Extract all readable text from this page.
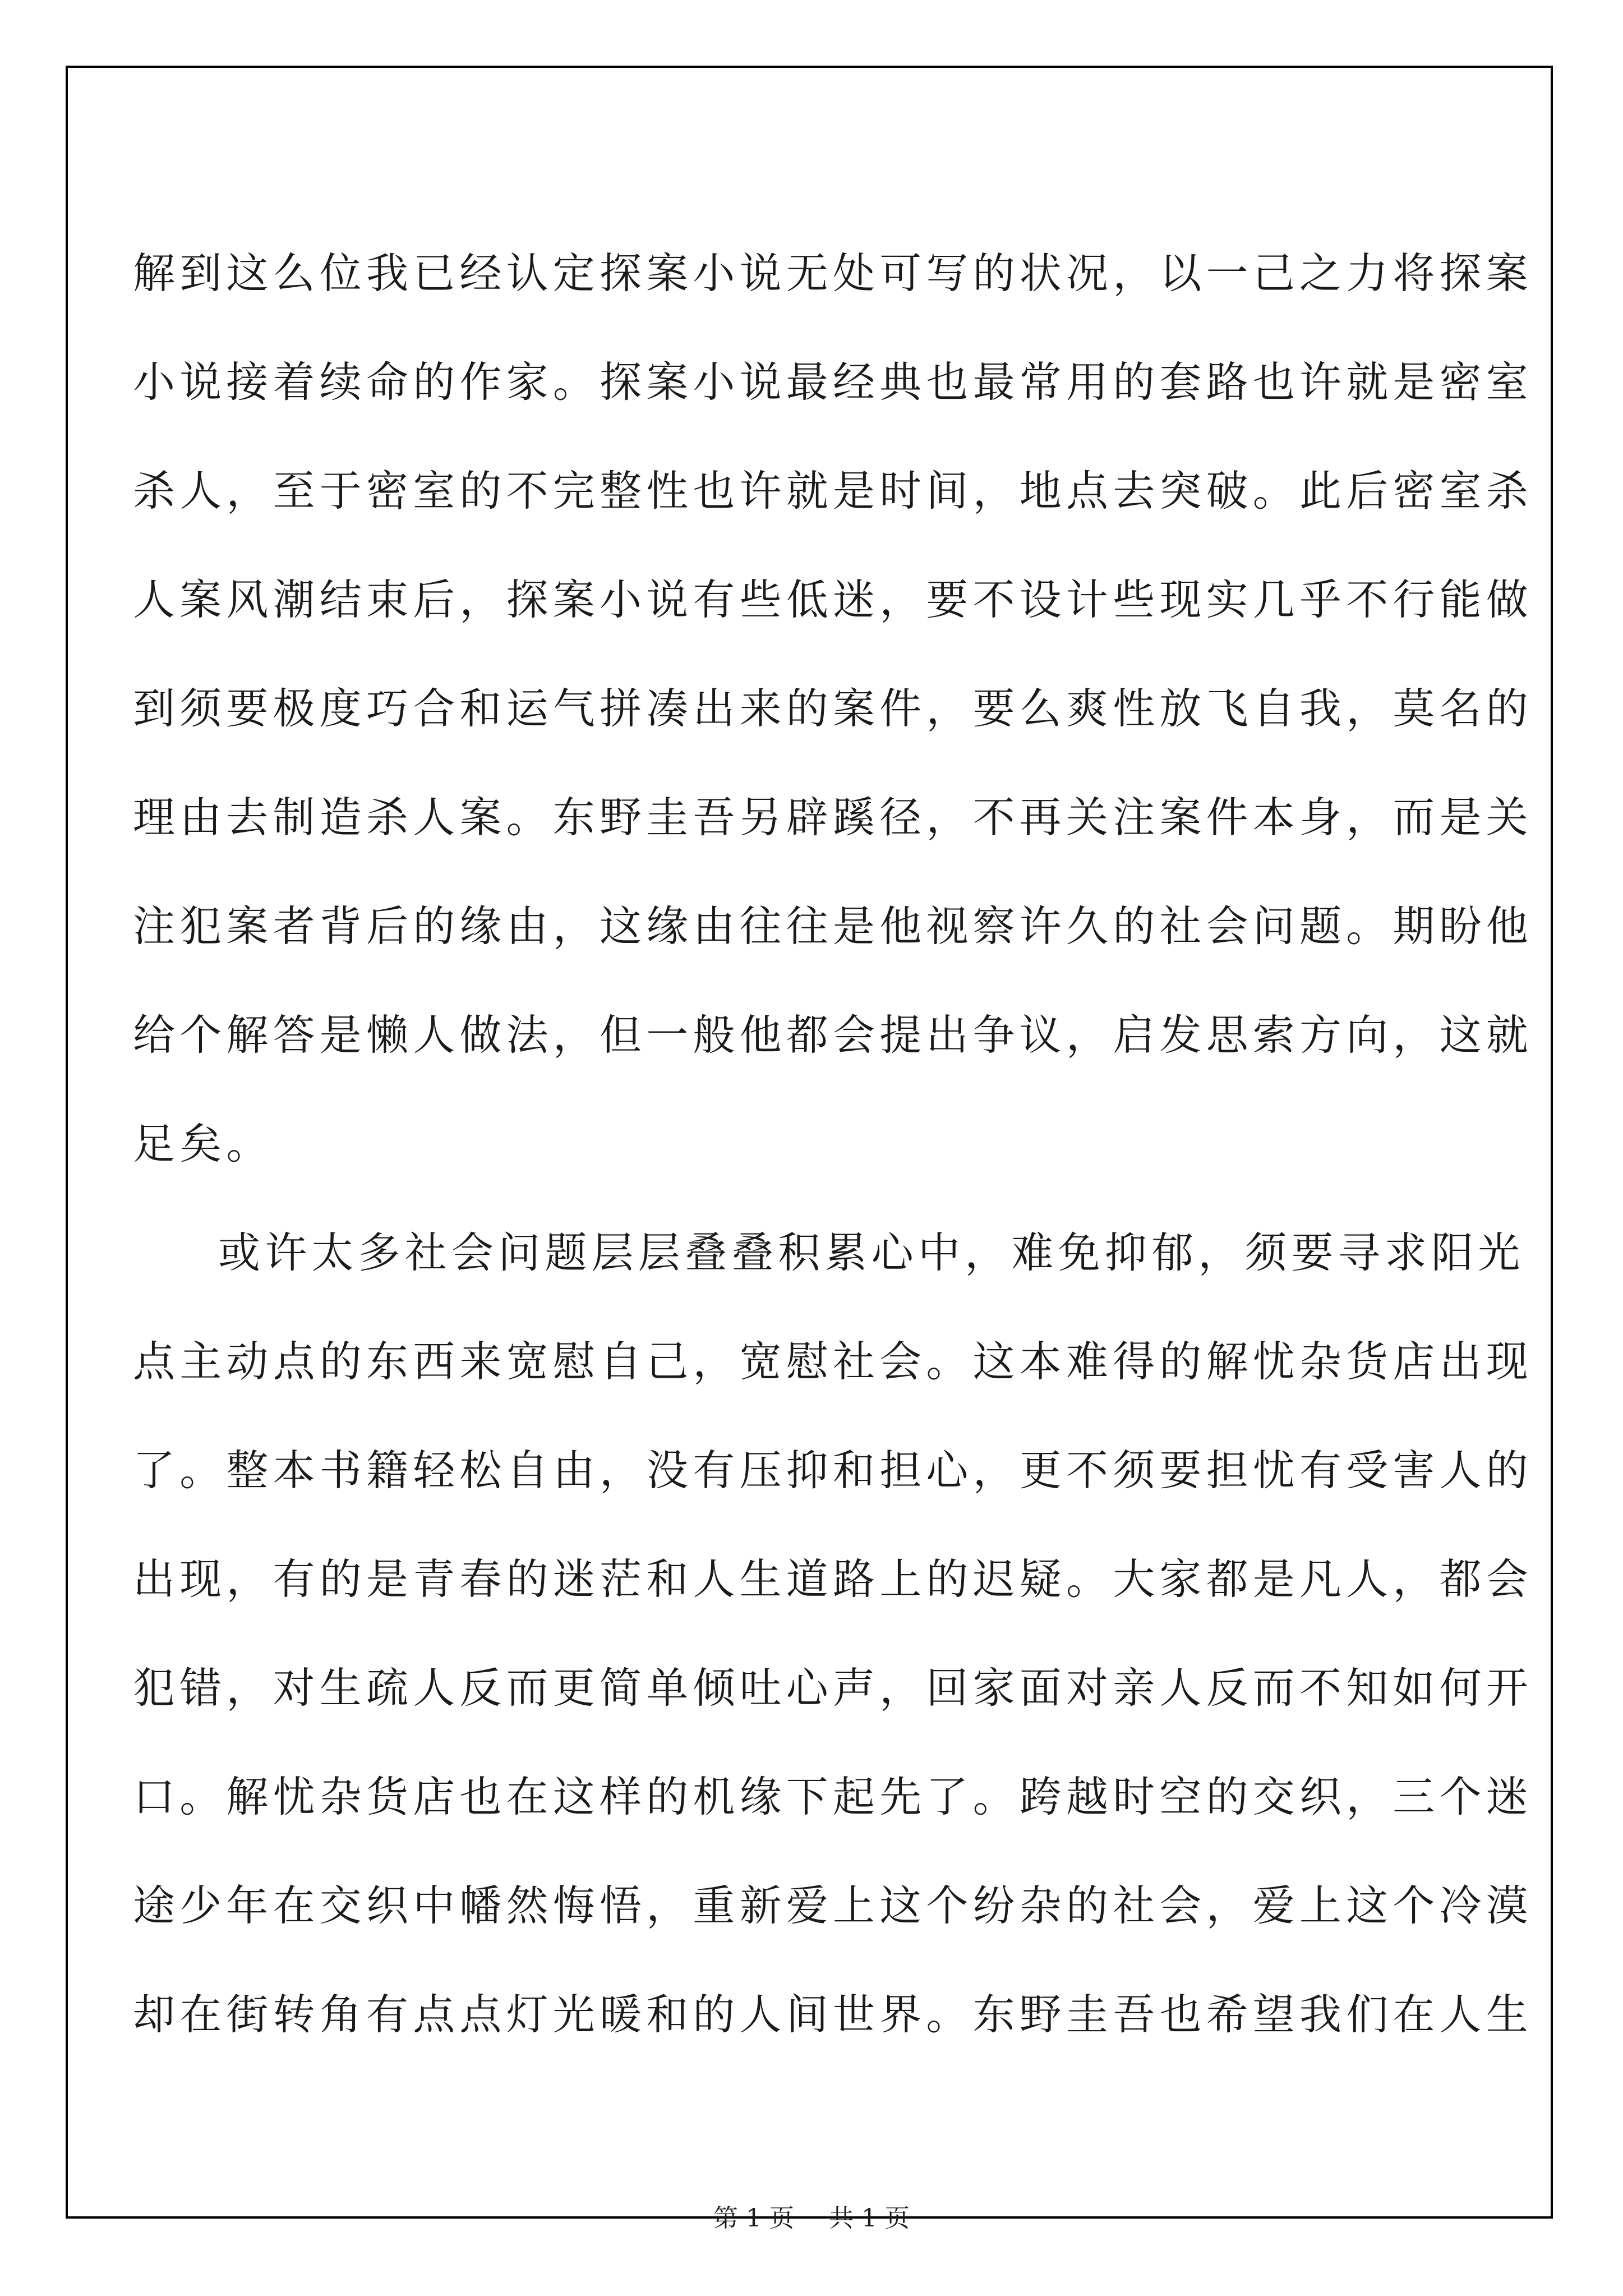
解到这么位我已经认定探案小说无处可写的状况，以一己之力将探案
小说接着续命的作家。探案小说最经典也最常用的套路也许就是密室
杀人，至于密室的不完整性也许就是时间，地点去突破。此后密室杀
人案风潮结束后，探案小说有些低迷，要不设计些现实几乎不行能做
到须要极度巧合和运气拼凑出来的案件，要么爽性放飞自我，莫名的
理由去制造杀人案。东野圭吾另辟蹊径，不再关注案件本身，而是关
注犯案者背后的缘由，这缘由往往是他视察许久的社会问题。期盼他
给个解答是懒人做法，但一般他都会提出争议，启发思索方向，这就
足矣。

或许太多社会问题层层叠叠积累心中，难免抑郁，须要寻求阳光
点主动点的东西来宽慰自己，宽慰社会。这本难得的解忧杂货店出现
了。整本书籍轻松自由，没有压抑和担心，更不须要担忧有受害人的
出现，有的是青春的迷茫和人生道路上的迟疑。大家都是凡人，都会
犯错，对生疏人反而更简单倾吐心声，回家面对亲人反而不知如何开
口。解忧杂货店也在这样的机缘下起先了。跨越时空的交织，三个迷
途少年在交织中幡然悔悟，重新爱上这个纷杂的社会，爱上这个冷漠
却在街转角有点点灯光暖和的人间世界。东野圭吾也希望我们在人生

第 1 页 共 1 页
